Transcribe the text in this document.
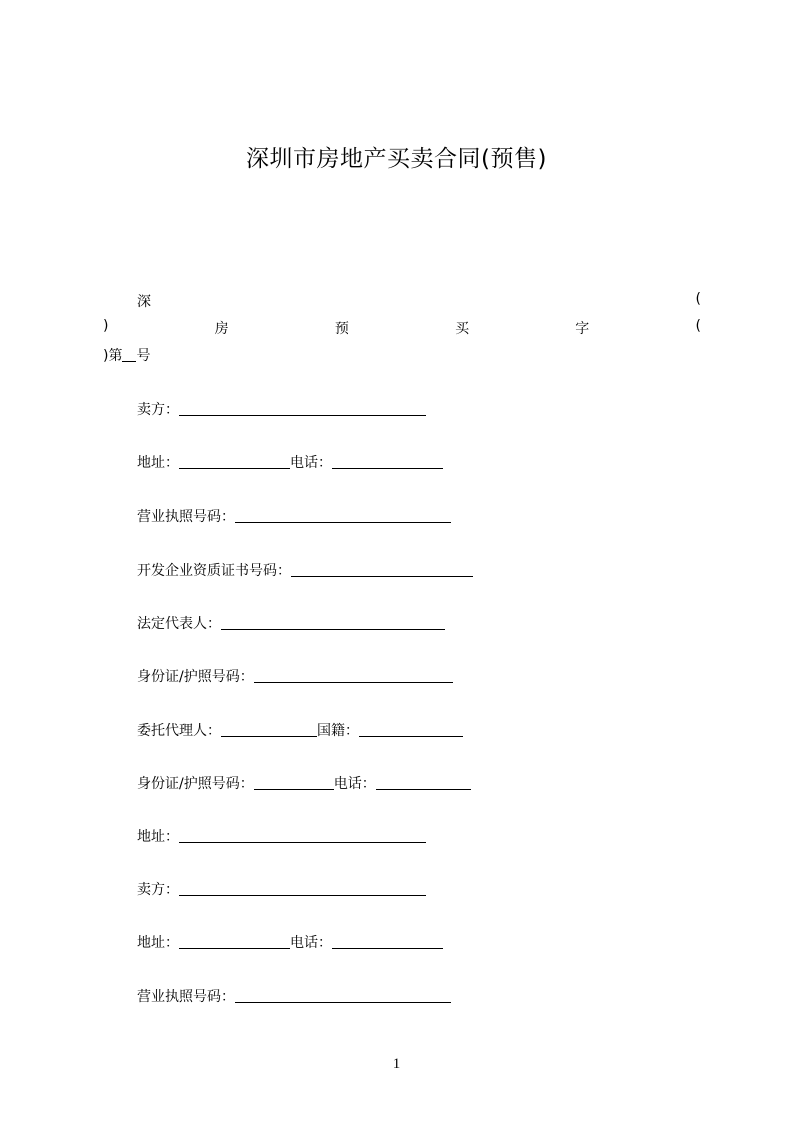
深圳市房地产买卖合同(预售)
深	(
)	房	预	买	字	(
)第 号
卖方：
地址：	电话：
营业执照号码：
开发企业资质证书号码：
法定代表人：
身份证/护照号码：
委托代理人：	国籍：
身份证/护照号码：	电话：
地址：
卖方：
地址：	电话：
营业执照号码：
1
